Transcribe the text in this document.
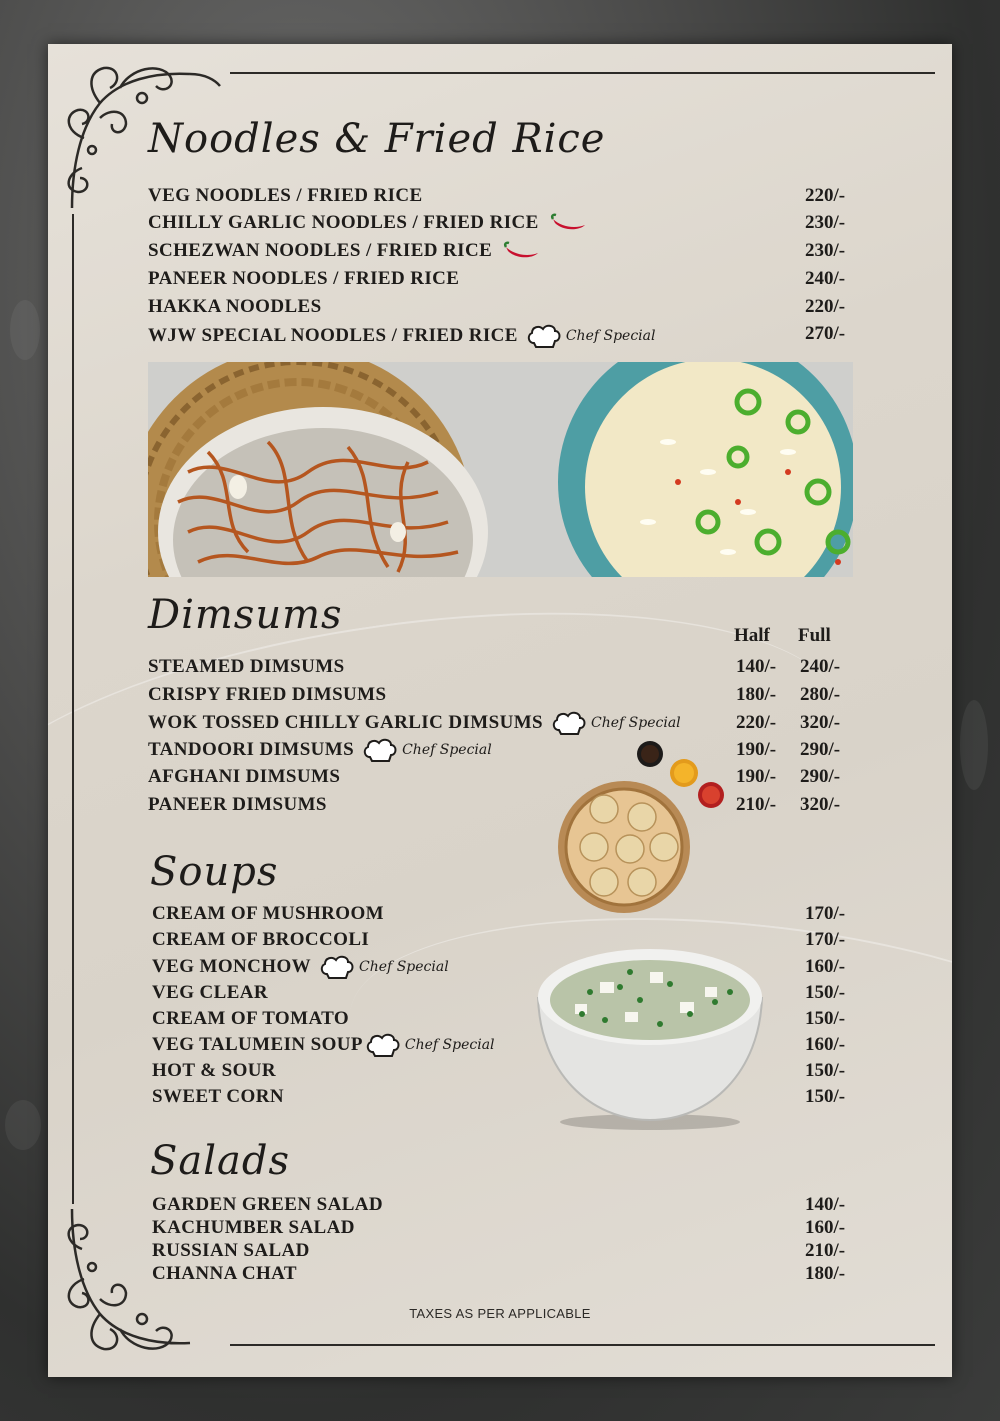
Noodles & Fried Rice
VEG NOODLES / FRIED RICE	220/-
CHILLY GARLIC NOODLES / FRIED RICE	230/-
SCHEZWAN NOODLES / FRIED RICE	230/-
PANEER NOODLES / FRIED RICE	240/-
HAKKA NOODLES	220/-
WJW SPECIAL NOODLES / FRIED RICE	Chef Special	270/-
Dimsums	Half Full
STEAMED DIMSUMS	140/- 240/-
CRISPY FRIED DIMSUMS	180/- 280/-
WOK TOSSED CHILLY GARLIC DIMSUMS	Chef Special	220/- 320/-
TANDOORI DIMSUMS	Chef Special	190/- 290/-
AFGHANI DIMSUMS	190/- 290/-
PANEER DIMSUMS	210/- 320/-
Soups
CREAM OF MUSHROOM	170/-
CREAM OF BROCCOLI	170/-
VEG MONCHOW	Chef Special	160/-
VEG CLEAR	150/-
CREAM OF TOMATO	150/-
VEG TALUMEIN SOUP	Chef Special	160/-
HOT & SOUR	150/-
SWEET CORN	150/-
Salads
GARDEN GREEN SALAD	140/-
KACHUMBER SALAD	160/-
RUSSIAN SALAD	210/-
CHANNA CHAT	180/-
TAXES AS PER APPLICABLE
